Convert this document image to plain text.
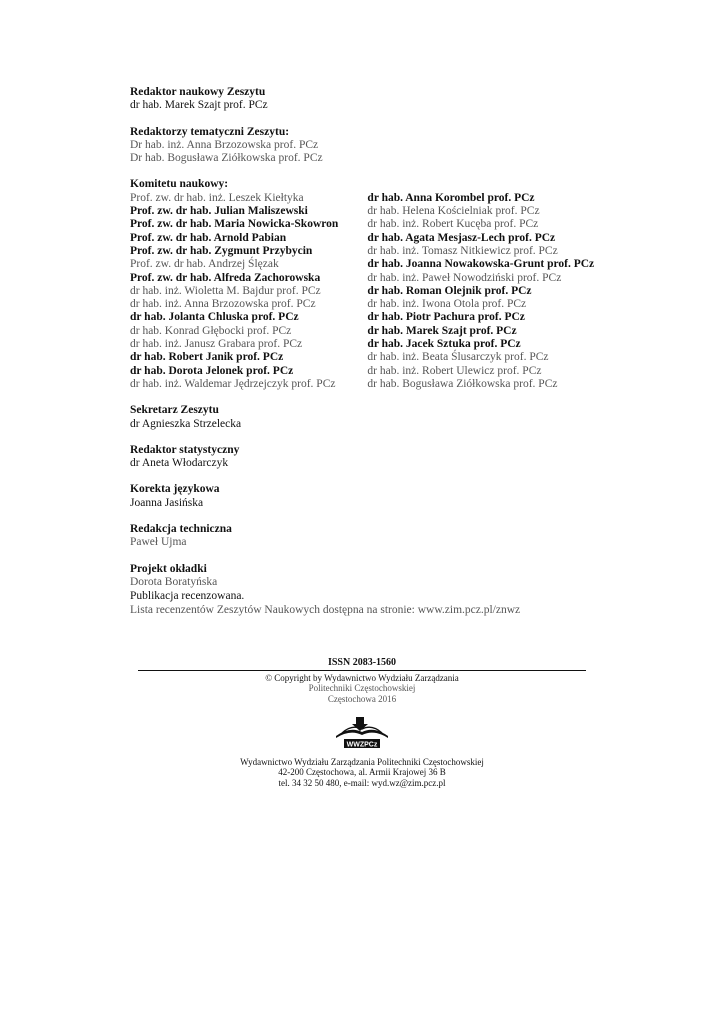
Redaktor naukowy Zeszytu
dr hab. Marek Szajt prof. PCz
Redaktorzy tematyczni Zeszytu:
Dr hab. inż. Anna Brzozowska prof. PCz
Dr hab. Bogusława Ziółkowska prof. PCz
Komitetu naukowy:
Prof. zw. dr hab. inż. Leszek Kiełtyka
Prof. zw. dr hab. Julian Maliszewski
Prof. zw. dr hab. Maria Nowicka-Skowron
Prof. zw. dr hab. Arnold Pabian
Prof. zw. dr hab. Zygmunt Przybycin
Prof. zw. dr hab. Andrzej Ślęzak
Prof. zw. dr hab. Alfreda Zachorowska
dr hab. inż. Wioletta M. Bajdur prof. PCz
dr hab. inż. Anna Brzozowska prof. PCz
dr hab. Jolanta Chluska prof. PCz
dr hab. Konrad Głębocki prof. PCz
dr hab. inż. Janusz Grabara prof. PCz
dr hab. Robert Janik prof. PCz
dr hab. Dorota Jelonek prof. PCz
dr hab. inż. Waldemar Jędrzejczyk prof. PCz
dr hab. Anna Korombel prof. PCz
dr hab. Helena Kościelniak prof. PCz
dr hab. inż. Robert Kucęba prof. PCz
dr hab. Agata Mesjasz-Lech prof. PCz
dr hab. inż. Tomasz Nitkiewicz prof. PCz
dr hab. Joanna Nowakowska-Grunt prof. PCz
dr hab. inż. Paweł Nowodziński prof. PCz
dr hab. Roman Olejnik prof. PCz
dr hab. inż. Iwona Otola prof. PCz
dr hab. Piotr Pachura prof. PCz
dr hab. Marek Szajt prof. PCz
dr hab. Jacek Sztuka prof. PCz
dr hab. inż. Beata Ślusarczyk prof. PCz
dr hab. inż. Robert Ulewicz prof. PCz
dr hab. Bogusława Ziółkowska prof. PCz
Sekretarz Zeszytu
dr Agnieszka Strzelecka
Redaktor statystyczny
dr Aneta Włodarczyk
Korekta językowa
Joanna Jasińska
Redakcja techniczna
Paweł Ujma
Projekt okładki
Dorota Boratyńska
Publikacja recenzowana.
Lista recenzentów Zeszytów Naukowych dostępna na stronie: www.zim.pcz.pl/znwz
ISSN 2083-1560
© Copyright by Wydawnictwo Wydziału Zarządzania
Politechniki Częstochowskiej
Częstochowa 2016
WWZPCz
Wydawnictwo Wydziału Zarządzania Politechniki Częstochowskiej
42-200 Częstochowa, al. Armii Krajowej 36 B
tel. 34 32 50 480, e-mail: wyd.wz@zim.pcz.pl
